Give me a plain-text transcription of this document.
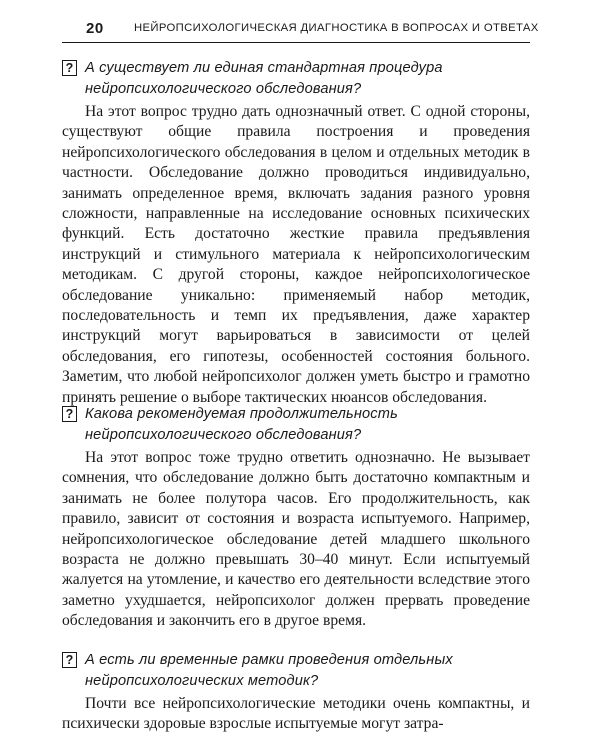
20	НЕЙРОПСИХОЛОГИЧЕСКАЯ ДИАГНОСТИКА В ВОПРОСАХ И ОТВЕТАХ
? А существует ли единая стандартная процедура нейропсихологического обследования?
На этот вопрос трудно дать однозначный ответ. С одной стороны, существуют общие правила построения и проведения нейропсихологического обследования в целом и отдельных методик в частности. Обследование должно проводиться индивидуально, занимать определенное время, включать задания разного уровня сложности, направленные на исследование основных психических функций. Есть достаточно жесткие правила предъявления инструкций и стимульного материала к нейропсихологическим методикам. С другой стороны, каждое нейропсихологическое обследование уникально: применяемый набор методик, последовательность и темп их предъявления, даже характер инструкций могут варьироваться в зависимости от целей обследования, его гипотезы, особенностей состояния больного. Заметим, что любой нейропсихолог должен уметь быстро и грамотно принять решение о выборе тактических нюансов обследования.
? Какова рекомендуемая продолжительность нейропсихологического обследования?
На этот вопрос тоже трудно ответить однозначно. Не вызывает сомнения, что обследование должно быть достаточно компактным и занимать не более полутора часов. Его продолжительность, как правило, зависит от состояния и возраста испытуемого. Например, нейропсихологическое обследование детей младшего школьного возраста не должно превышать 30–40 минут. Если испытуемый жалуется на утомление, и качество его деятельности вследствие этого заметно ухудшается, нейропсихолог должен прервать проведение обследования и закончить его в другое время.
? А есть ли временные рамки проведения отдельных нейропсихологических методик?
Почти все нейропсихологические методики очень компактны, и психически здоровые взрослые испытуемые могут затра-
